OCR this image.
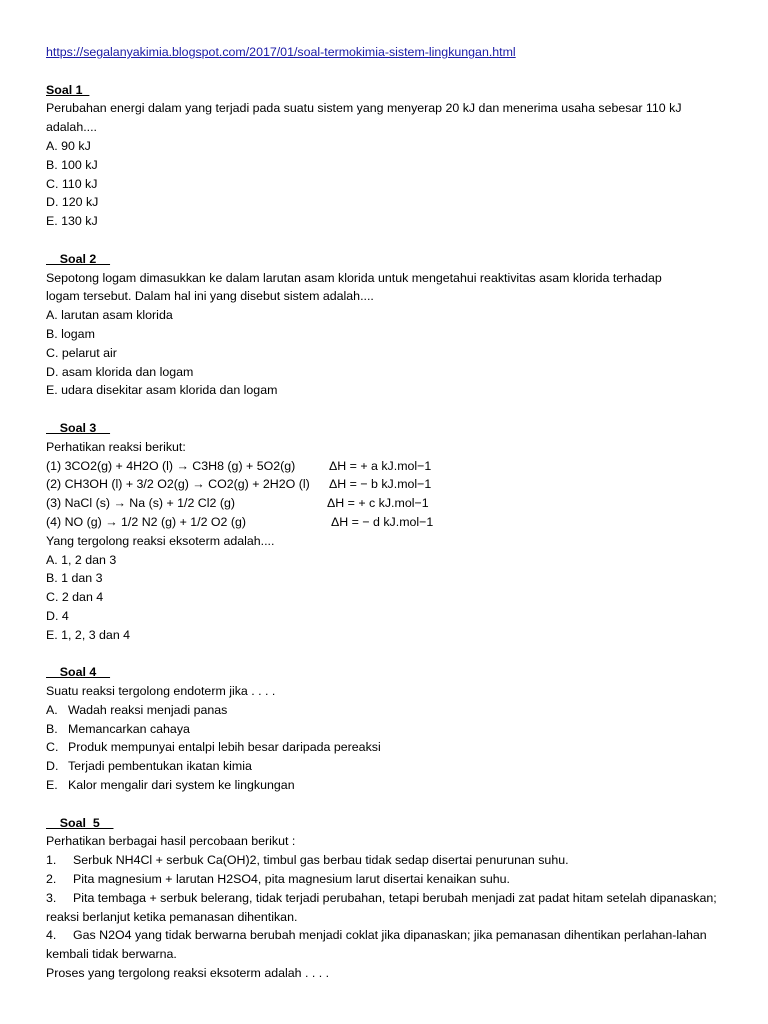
https://segalanyakimia.blogspot.com/2017/01/soal-termokimia-sistem-lingkungan.html
Soal 1
Perubahan energi dalam yang terjadi pada suatu sistem yang menyerap 20 kJ dan menerima usaha sebesar 110 kJ
adalah....
A. 90 kJ
B. 100 kJ
C. 110 kJ
D. 120 kJ
E. 130 kJ
Soal 2
Sepotong logam dimasukkan ke dalam larutan asam klorida untuk mengetahui reaktivitas asam klorida terhadap
logam tersebut. Dalam hal ini yang disebut sistem adalah....
A. larutan asam klorida
B. logam
C. pelarut air
D. asam klorida dan logam
E. udara disekitar asam klorida dan logam
Soal 3
Perhatikan reaksi berikut:
(1) 3CO2(g) + 4H2O (l) → C3H8 (g) + 5O2(g)	ΔH = + a kJ.mol−1
(2) CH3OH (l) + 3/2 O2(g) → CO2(g) + 2H2O (l) ΔH = − b kJ.mol−1
(3) NaCl (s) → Na (s) + 1/2 Cl2 (g)	ΔH = + c kJ.mol−1
(4) NO (g) → 1/2 N2 (g) + 1/2 O2 (g)	ΔH = − d kJ.mol−1
Yang tergolong reaksi eksoterm adalah....
A. 1, 2 dan 3
B. 1 dan 3
C. 2 dan 4
D. 4
E. 1, 2, 3 dan 4
Soal 4
Suatu reaksi tergolong endoterm jika . . . .
A. Wadah reaksi menjadi panas
B. Memancarkan cahaya
C. Produk mempunyai entalpi lebih besar daripada pereaksi
D. Terjadi pembentukan ikatan kimia
E. Kalor mengalir dari system ke lingkungan
Soal  5
Perhatikan berbagai hasil percobaan berikut :
1. Serbuk NH4Cl + serbuk Ca(OH)2, timbul gas berbau tidak sedap disertai penurunan suhu.
2. Pita magnesium + larutan H2SO4, pita magnesium larut disertai kenaikan suhu.
3. Pita tembaga + serbuk belerang, tidak terjadi perubahan, tetapi berubah menjadi zat padat hitam setelah dipanaskan; reaksi berlanjut ketika pemanasan dihentikan.
4. Gas N2O4 yang tidak berwarna berubah menjadi coklat jika dipanaskan; jika pemanasan dihentikan perlahan-lahan kembali tidak berwarna.
Proses yang tergolong reaksi eksoterm adalah . . . .
